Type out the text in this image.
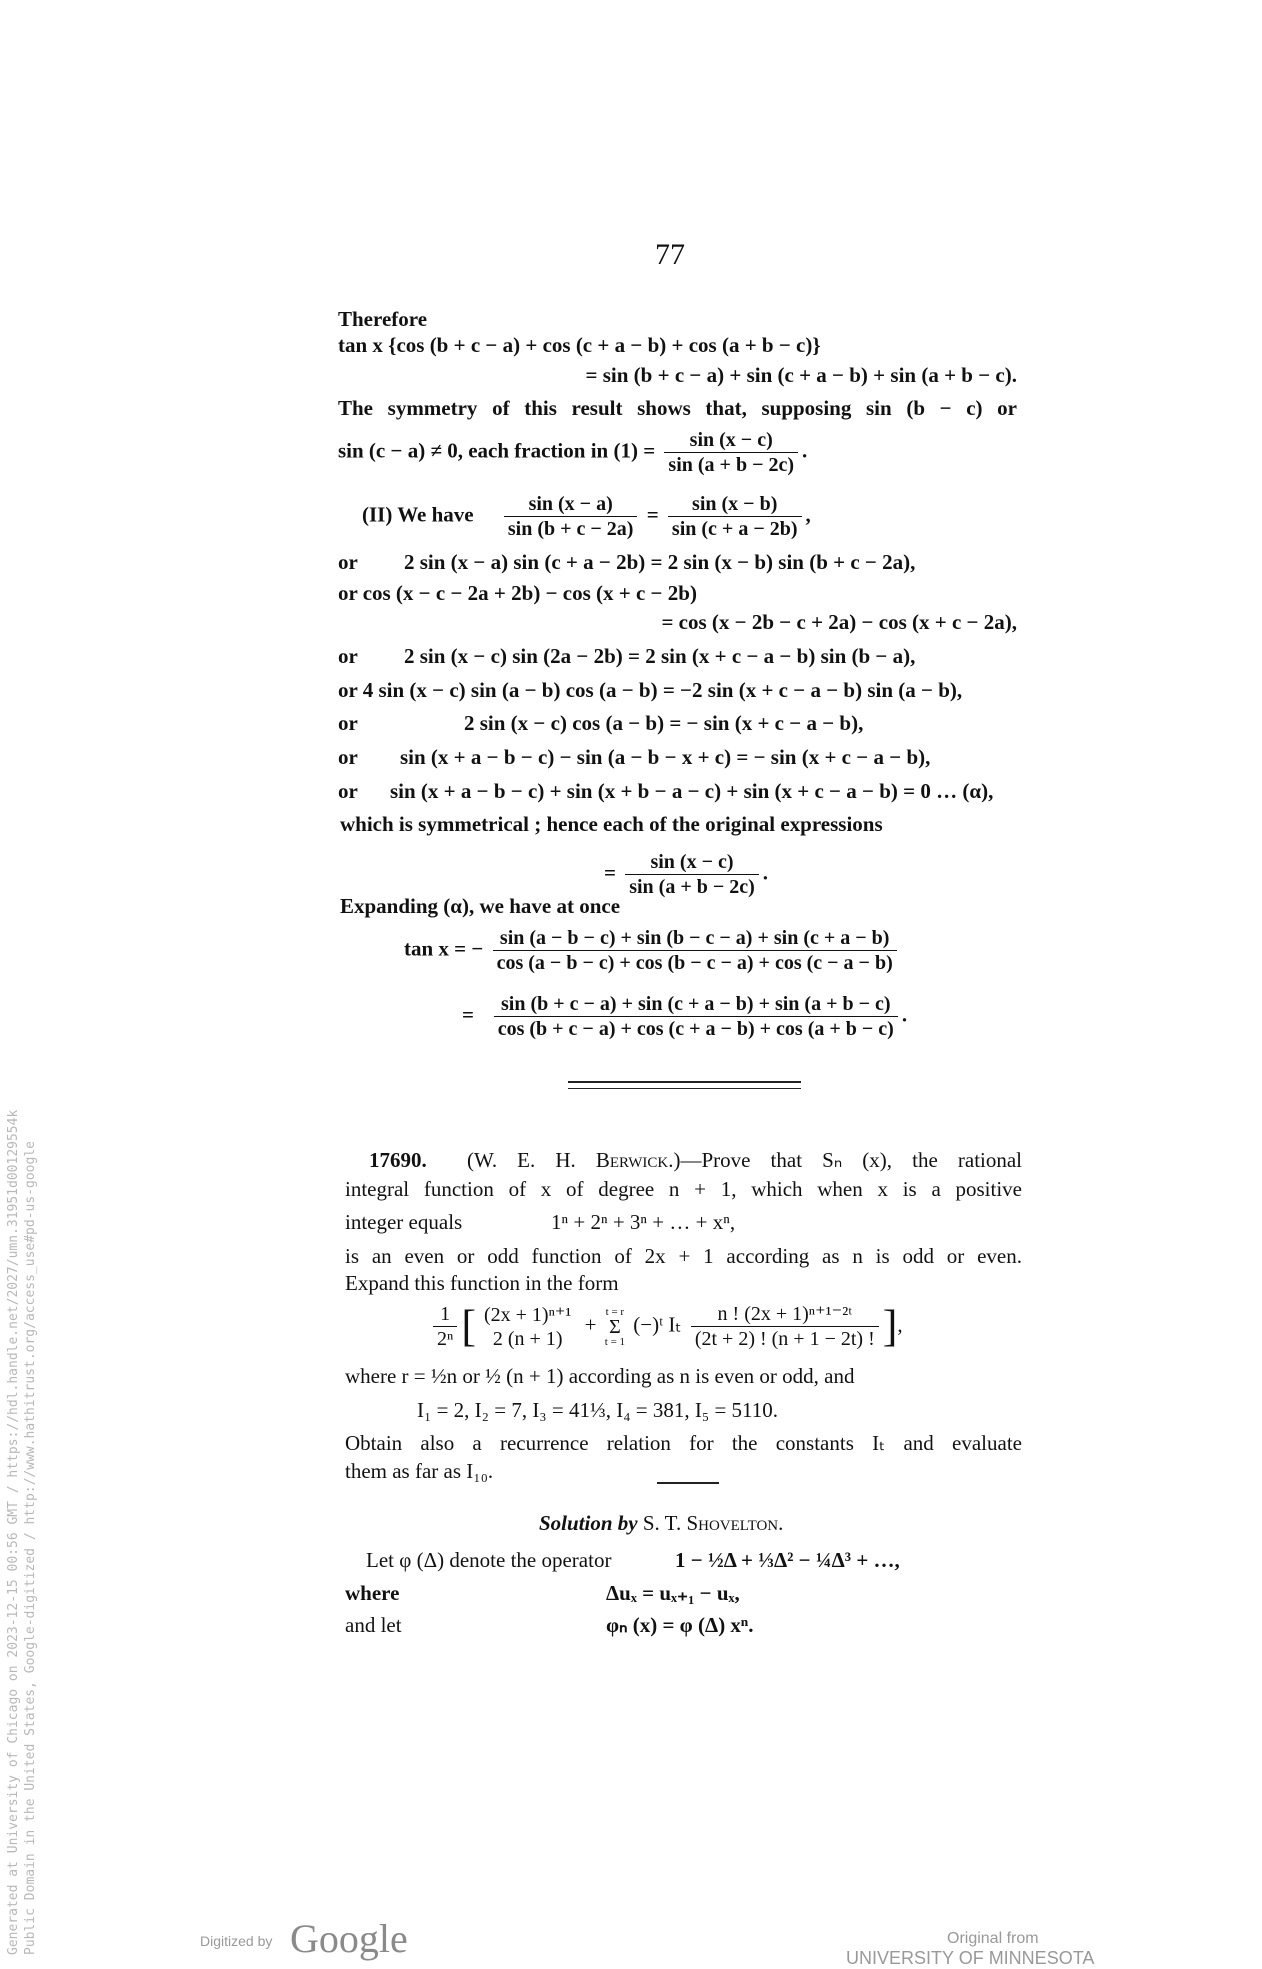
77
Therefore
tan x {cos (b + c − a) + cos (c + a − b) + cos (a + b − c)}
= sin (b + c − a) + sin (c + a − b) + sin (a + b − c).
The symmetry of this result shows that, supposing sin (b − c) or
sin (c − a) ≠ 0, each fraction in $(1) = \frac{\sin (x - c)}{\sin (a + b - 2c)}$ .
(II) We have $\frac{\sin (x - a)}{\sin (b + c - 2a)} = \frac{\sin (x - b)}{\sin (c + a - 2b)}$ ,
or 2 sin (x − a) sin (c + a − 2b) = 2 sin (x − b) sin (b + c − 2a),
or cos (x − c − 2a + 2b) − cos (x + c − 2b)
= cos (x − 2b − c + 2a) − cos (x + c − 2a),
or 2 sin (x − c) sin (2a − 2b) = 2 sin (x + c − a − b) sin (b − a),
or 4 sin (x − c) sin (a − b) cos (a − b) = −2 sin (x + c − a − b) sin (a − b),
or	2 sin (x − c) cos (a − b) = − sin (x + c − a − b),
or sin (x + a − b − c) − sin (a − b − x + c) = − sin (x + c − a − b),
or sin (x + a − b − c) + sin (x + b − a − c) + sin (x + c − a − b) = 0 … (α),
which is symmetrical ; hence each of the original expressions
= $\frac{\sin (x - c)}{\sin (a + b - 2c)}$ .
Expanding (α), we have at once
tan x = − $\frac{\sin (a - b - c) + \sin (b - c - a) + \sin (c + a - b)}{\cos (a - b - c) + \cos (b - c - a) + \cos (c - a - b)}$
= $\frac{\sin (b + c - a) + \sin (c + a - b) + \sin (a + b - c)}{\cos (b + c - a) + \cos (c + a - b) + \cos (a + b - c)}$ .
17690. (W. E. H. Berwick.)—Prove that Sₙ (x), the rational
integral function of x of degree n + 1, which when x is a positive
integer equals	1ⁿ + 2ⁿ + 3ⁿ + … + xⁿ,
is an even or odd function of 2x + 1 according as n is odd or even.
Expand this function in the form
$\frac{1}{\text{2ⁿ}}$ [ (2x + 1)ⁿ⁺¹
2 (n + 1)
+
t = r
Σ
t = 1
(−)ᵗ Iₜ $\frac{\text{n ! (2x + 1)ⁿ⁺¹⁻²ᵗ}}{(2t + 2) ! (n + 1 - 2t) !}$ ],
where r = ½n or ½ (n + 1) according as n is even or odd, and
I₁ = 2, I₂ = 7, I₃ = 41⅓, I₄ = 381, I₅ = 5110.
Obtain also a recurrence relation for the constants Iₜ and evaluate
them as far as I₁₀.
Solution by S. T. Shovelton.
Let φ (Δ) denote the operator	1 − ½Δ + ⅓Δ² − ¼Δ³ + …,
where	Δuₓ = uₓ₊₁ − uₓ,
and let	φₙ (x) = φ (Δ) xⁿ.
Generated at University of Chicago on 2023-12-15 00:56 GMT / https://hdl.handle.net/2027/umn.31951d00129554k Public Domain in the United States, Google-digitized / http://www.hathitrust.org/access_use#pd-us-google	Digitized by Google	Original from
UNIVERSITY OF MINNESOTA
